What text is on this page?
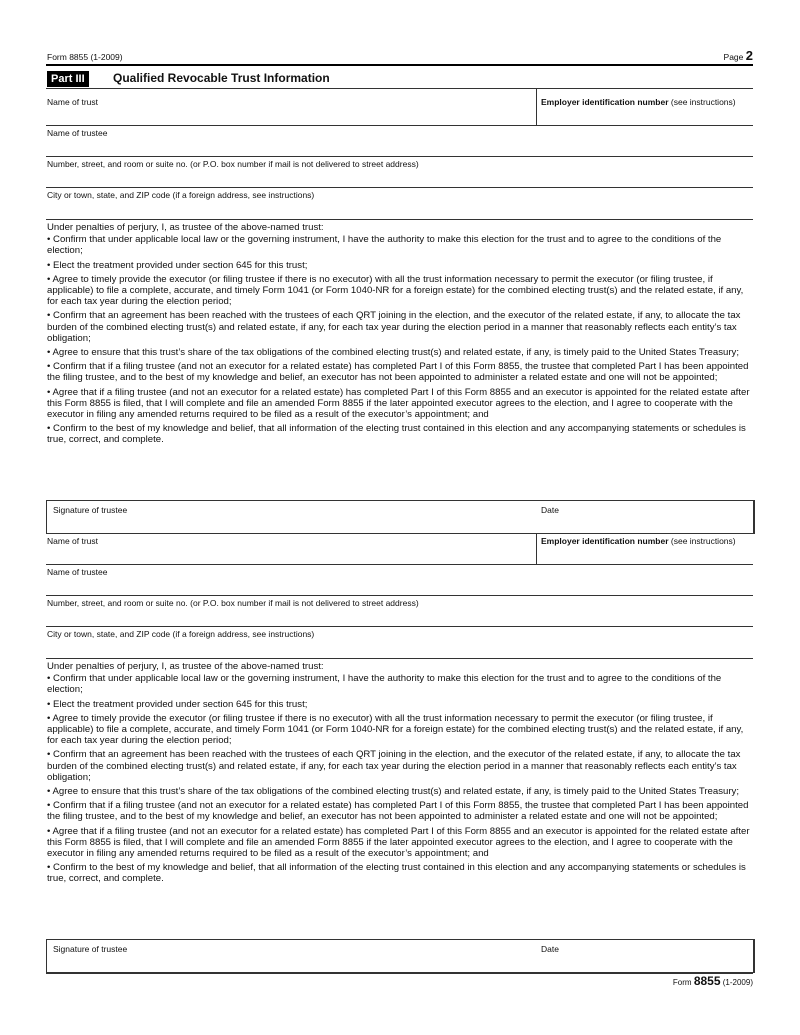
Form 8855 (1-2009)	Page 2
Part III	Qualified Revocable Trust Information
Name of trust	Employer identification number (see instructions)
Name of trustee
Number, street, and room or suite no. (or P.O. box number if mail is not delivered to street address)
City or town, state, and ZIP code (if a foreign address, see instructions)

Under penalties of perjury, I, as trustee of the above-named trust:

• Confirm that under applicable local law or the governing instrument, I have the authority to make this election for the trust and to agree to the conditions of the election;

• Elect the treatment provided under section 645 for this trust;

• Agree to timely provide the executor (or filing trustee if there is no executor) with all the trust information necessary to permit the executor (or filing trustee, if applicable) to file a complete, accurate, and timely Form 1041 (or Form 1040-NR for a foreign estate) for the combined electing trust(s) and the related estate, if any, for each tax year during the election period;

• Confirm that an agreement has been reached with the trustees of each QRT joining in the election, and the executor of the related estate, if any, to allocate the tax burden of the combined electing trust(s) and related estate, if any, for each tax year during the election period in a manner that reasonably reflects each entity’s tax obligation;

• Agree to ensure that this trust’s share of the tax obligations of the combined electing trust(s) and related estate, if any, is timely paid to the United States Treasury;

• Confirm that if a filing trustee (and not an executor for a related estate) has completed Part I of this Form 8855, the trustee that completed Part I has been appointed the filing trustee, and to the best of my knowledge and belief, an executor has not been appointed to administer a related estate and one will not be appointed;

• Agree that if a filing trustee (and not an executor for a related estate) has completed Part I of this Form 8855 and an executor is appointed for the related estate after this Form 8855 is filed, that I will complete and file an amended Form 8855 if the later appointed executor agrees to the election, and I agree to cooperate with the executor in filing any amended returns required to be filed as a result of the executor’s appointment; and

• Confirm to the best of my knowledge and belief, that all information of the electing trust contained in this election and any accompanying statements or schedules is true, correct, and complete.

Signature of trustee	Date
Name of trust	Employer identification number (see instructions)
Name of trustee
Number, street, and room or suite no. (or P.O. box number if mail is not delivered to street address)
City or town, state, and ZIP code (if a foreign address, see instructions)

Under penalties of perjury, I, as trustee of the above-named trust:

• Confirm that under applicable local law or the governing instrument, I have the authority to make this election for the trust and to agree to the conditions of the election;

• Elect the treatment provided under section 645 for this trust;

• Agree to timely provide the executor (or filing trustee if there is no executor) with all the trust information necessary to permit the executor (or filing trustee, if applicable) to file a complete, accurate, and timely Form 1041 (or Form 1040-NR for a foreign estate) for the combined electing trust(s) and the related estate, if any, for each tax year during the election period;

• Confirm that an agreement has been reached with the trustees of each QRT joining in the election, and the executor of the related estate, if any, to allocate the tax burden of the combined electing trust(s) and related estate, if any, for each tax year during the election period in a manner that reasonably reflects each entity’s tax obligation;

• Agree to ensure that this trust’s share of the tax obligations of the combined electing trust(s) and related estate, if any, is timely paid to the United States Treasury;

• Confirm that if a filing trustee (and not an executor for a related estate) has completed Part I of this Form 8855, the trustee that completed Part I has been appointed the filing trustee, and to the best of my knowledge and belief, an executor has not been appointed to administer a related estate and one will not be appointed;

• Agree that if a filing trustee (and not an executor for a related estate) has completed Part I of this Form 8855 and an executor is appointed for the related estate after this Form 8855 is filed, that I will complete and file an amended Form 8855 if the later appointed executor agrees to the election, and I agree to cooperate with the executor in filing any amended returns required to be filed as a result of the executor’s appointment; and

• Confirm to the best of my knowledge and belief, that all information of the electing trust contained in this election and any accompanying statements or schedules is true, correct, and complete.

Signature of trustee	Date
Form 8855 (1-2009)
